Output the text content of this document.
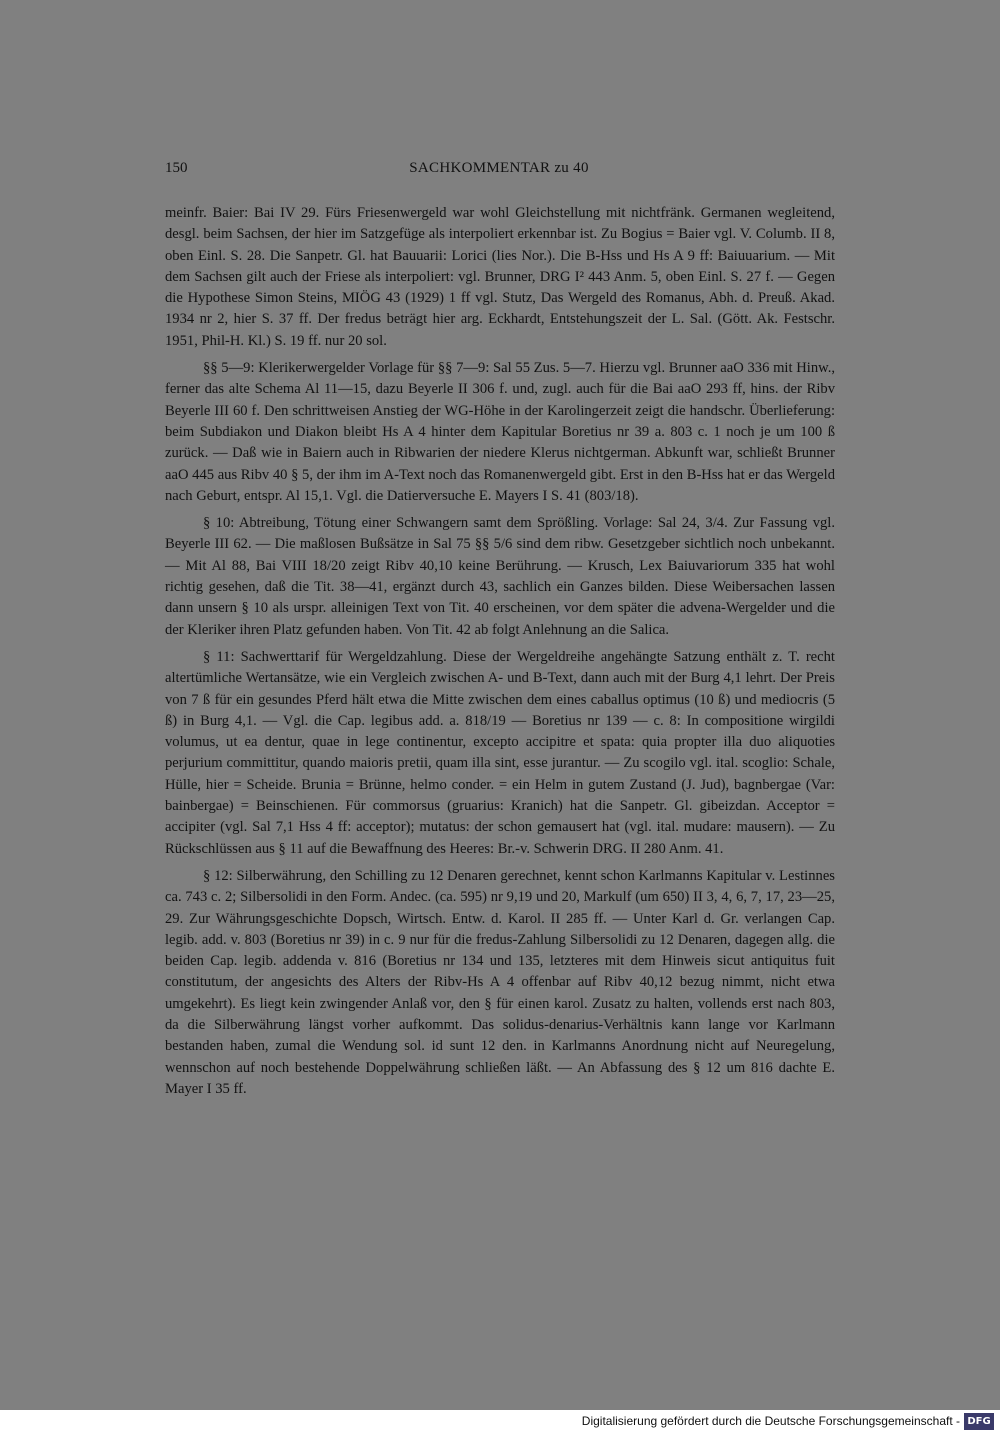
150	SACHKOMMENTAR zu 40

meinfr. Baier: Bai IV 29. Fürs Friesenwergeld war wohl Gleichstellung mit nichtfränk. Germanen wegleitend, desgl. beim Sachsen, der hier im Satzgefüge als interpoliert erkennbar ist. Zu Bogius = Baier vgl. V. Columb. II 8, oben Einl. S. 28. Die Sanpetr. Gl. hat Bauuarii: Lorici (lies Nor.). Die B-Hss und Hs A 9 ff: Baiuuarium. — Mit dem Sachsen gilt auch der Friese als interpoliert: vgl. Brunner, DRG I² 443 Anm. 5, oben Einl. S. 27 f. — Gegen die Hypothese Simon Steins, MIÖG 43 (1929) 1 ff vgl. Stutz, Das Wergeld des Romanus, Abh. d. Preuß. Akad. 1934 nr 2, hier S. 37 ff. Der fredus beträgt hier arg. Eckhardt, Entstehungszeit der L. Sal. (Gött. Ak. Festschr. 1951, Phil-H. Kl.) S. 19 ff. nur 20 sol.

§§ 5—9: Klerikerwergelder Vorlage für §§ 7—9: Sal 55 Zus. 5—7. Hierzu vgl. Brunner aaO 336 mit Hinw., ferner das alte Schema Al 11—15, dazu Beyerle II 306 f. und, zugl. auch für die Bai aaO 293 ff, hins. der Ribv Beyerle III 60 f. Den schrittweisen Anstieg der WG-Höhe in der Karolingerzeit zeigt die handschr. Überlieferung: beim Subdiakon und Diakon bleibt Hs A 4 hinter dem Kapitular Boretius nr 39 a. 803 c. 1 noch je um 100 ß zurück. — Daß wie in Baiern auch in Ribwarien der niedere Klerus nichtgerman. Abkunft war, schließt Brunner aaO 445 aus Ribv 40 § 5, der ihm im A-Text noch das Romanenwergeld gibt. Erst in den B-Hss hat er das Wergeld nach Geburt, entspr. Al 15,1. Vgl. die Datierversuche E. Mayers I S. 41 (803/18).

§ 10: Abtreibung, Tötung einer Schwangern samt dem Sprößling. Vorlage: Sal 24, 3/4. Zur Fassung vgl. Beyerle III 62. — Die maßlosen Bußsätze in Sal 75 §§ 5/6 sind dem ribw. Gesetzgeber sichtlich noch unbekannt. — Mit Al 88, Bai VIII 18/20 zeigt Ribv 40,10 keine Berührung. — Krusch, Lex Baiuvariorum 335 hat wohl richtig gesehen, daß die Tit. 38—41, ergänzt durch 43, sachlich ein Ganzes bilden. Diese Weibersachen lassen dann unsern § 10 als urspr. alleinigen Text von Tit. 40 erscheinen, vor dem später die advena-Wergelder und die der Kleriker ihren Platz gefunden haben. Von Tit. 42 ab folgt Anlehnung an die Salica.

§ 11: Sachwerttarif für Wergeldzahlung. Diese der Wergeldreihe angehängte Satzung enthält z. T. recht altertümliche Wertansätze, wie ein Vergleich zwischen A- und B-Text, dann auch mit der Burg 4,1 lehrt. Der Preis von 7 ß für ein gesundes Pferd hält etwa die Mitte zwischen dem eines caballus optimus (10 ß) und mediocris (5 ß) in Burg 4,1. — Vgl. die Cap. legibus add. a. 818/19 — Boretius nr 139 — c. 8: In compositione wirgildi volumus, ut ea dentur, quae in lege continentur, excepto accipitre et spata: quia propter illa duo aliquoties perjurium committitur, quando maioris pretii, quam illa sint, esse jurantur. — Zu scogilo vgl. ital. scoglio: Schale, Hülle, hier = Scheide. Brunia = Brünne, helmo conder. = ein Helm in gutem Zustand (J. Jud), bagnbergae (Var: bainbergae) = Beinschienen. Für commorsus (gruarius: Kranich) hat die Sanpetr. Gl. gibeizdan. Acceptor = accipiter (vgl. Sal 7,1 Hss 4 ff: acceptor); mutatus: der schon gemausert hat (vgl. ital. mudare: mausern). — Zu Rückschlüssen aus § 11 auf die Bewaffnung des Heeres: Br.-v. Schwerin DRG. II 280 Anm. 41.

§ 12: Silberwährung, den Schilling zu 12 Denaren gerechnet, kennt schon Karlmanns Kapitular v. Lestinnes ca. 743 c. 2; Silbersolidi in den Form. Andec. (ca. 595) nr 9,19 und 20, Markulf (um 650) II 3, 4, 6, 7, 17, 23—25, 29. Zur Währungsgeschichte Dopsch, Wirtsch. Entw. d. Karol. II 285 ff. — Unter Karl d. Gr. verlangen Cap. legib. add. v. 803 (Boretius nr 39) in c. 9 nur für die fredus-Zahlung Silbersolidi zu 12 Denaren, dagegen allg. die beiden Cap. legib. addenda v. 816 (Boretius nr 134 und 135, letzteres mit dem Hinweis sicut antiquitus fuit constitutum, der angesichts des Alters der Ribv-Hs A 4 offenbar auf Ribv 40,12 bezug nimmt, nicht etwa umgekehrt). Es liegt kein zwingender Anlaß vor, den § für einen karol. Zusatz zu halten, vollends erst nach 803, da die Silberwährung längst vorher aufkommt. Das solidus-denarius-Verhältnis kann lange vor Karlmann bestanden haben, zumal die Wendung sol. id sunt 12 den. in Karlmanns Anordnung nicht auf Neuregelung, wennschon auf noch bestehende Doppelwährung schließen läßt. — An Abfassung des § 12 um 816 dachte E. Mayer I 35 ff.

Digitalisierung gefördert durch die Deutsche Forschungsgemeinschaft - DFG
